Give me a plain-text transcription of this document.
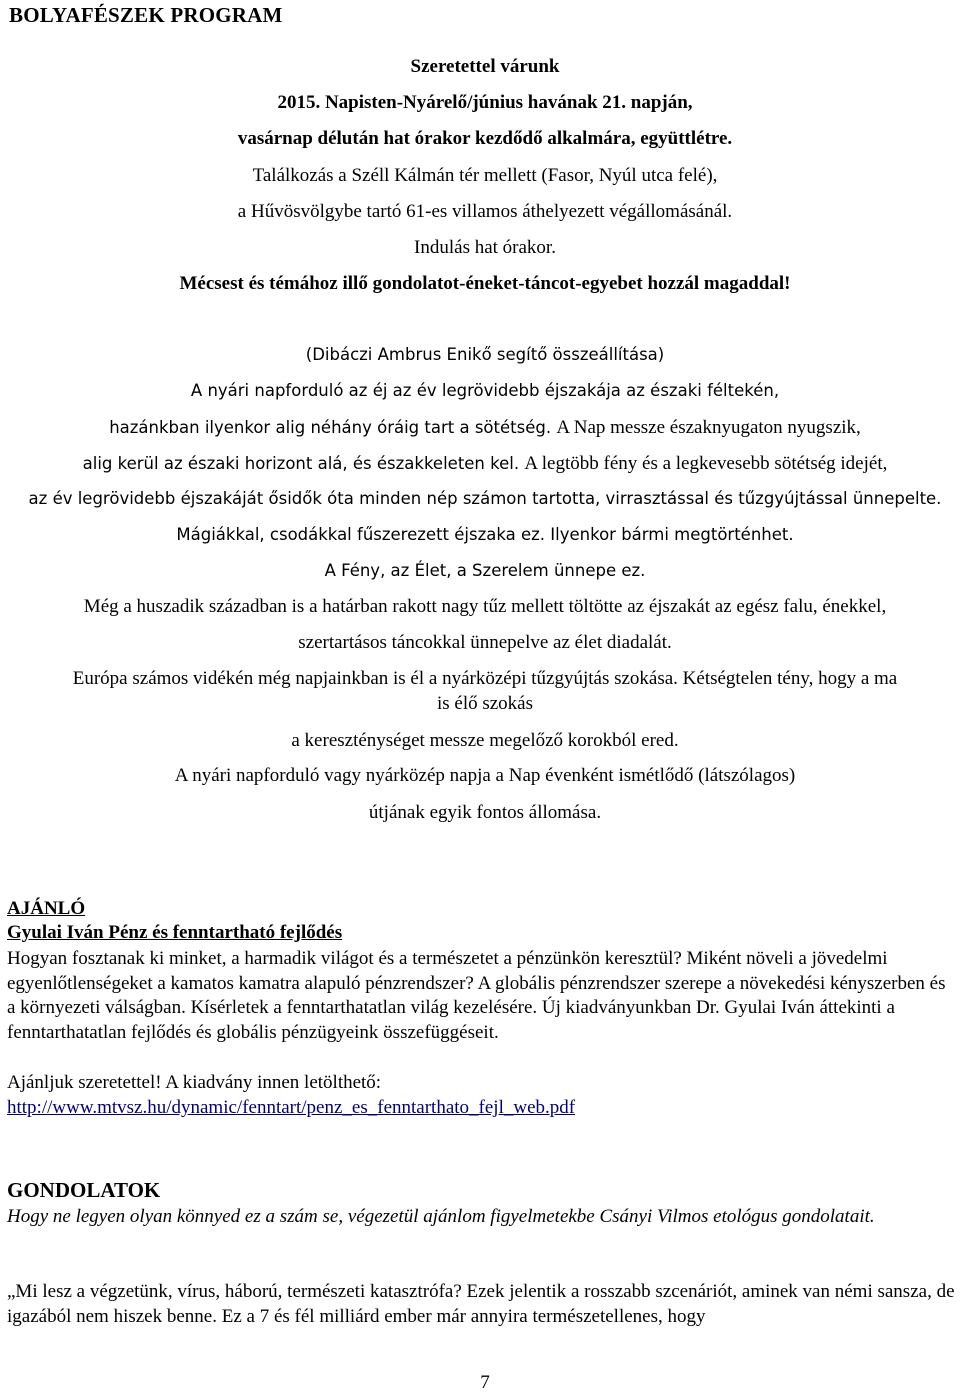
BOLYAFÉSZEK PROGRAM
Szeretettel várunk
2015. Napisten-Nyárelő/június havának 21. napján,
vasárnap délután hat órakor kezdődő alkalmára, együttlétre.
Találkozás a Széll Kálmán tér mellett (Fasor, Nyúl utca felé),
a Hűvösvölgybe tartó 61-es villamos áthelyezett végállomásánál.
Indulás hat órakor.
Mécsest és témához illő gondolatot-éneket-táncot-egyebet hozzál magaddal!
(Dibáczi Ambrus Enikő segítő összeállítása)
A nyári napforduló az éj az év legrövidebb éjszakája az északi féltekén,
hazánkban ilyenkor alig néhány óráig tart a sötétség. A Nap messze északnyugaton nyugszik,
alig kerül az északi horizont alá, és északkeleten kel. A legtöbb fény és a legkevesebb sötétség idejét,
az év legrövidebb éjszakáját ősidők óta minden nép számon tartotta, virrasztással és tűzgyújtással ünnepelte.
Mágiákkal, csodákkal fűszerezett éjszaka ez. Ilyenkor bármi megtörténhet.
A Fény, az Élet, a Szerelem ünnepe ez.
Még a huszadik században is a határban rakott nagy tűz mellett töltötte az éjszakát az egész falu, énekkel,
szertartásos táncokkal ünnepelve az élet diadalát.
Európa számos vidékén még napjainkban is él a nyárközépi tűzgyújtás szokása. Kétségtelen tény, hogy a ma
is élő szokás
a kereszténységet messze megelőző korokból ered.
A nyári napforduló vagy nyárközép napja a Nap évenként ismétlődő (látszólagos)
útjának egyik fontos állomása.
AJÁNLÓ
Gyulai Iván Pénz és fenntartható fejlődés
Hogyan fosztanak ki minket, a harmadik világot és a természetet a pénzünkön keresztül? Miként növeli a jövedelmi egyenlőtlenségeket a kamatos kamatra alapuló pénzrendszer? A globális pénzrendszer szerepe a növekedési kényszerben és a környezeti válságban. Kísérletek a fenntarthatatlan világ kezelésére. Új kiadványunkban Dr. Gyulai Iván áttekinti a fenntarthatatlan fejlődés és globális pénzügyeink összefüggéseit.
Ajánljuk szeretettel! A kiadvány innen letölthető:
http://www.mtvsz.hu/dynamic/fenntart/penz_es_fenntarthato_fejl_web.pdf
GONDOLATOK
Hogy ne legyen olyan könnyed ez a szám se, végezetül ajánlom figyelmetekbe Csányi Vilmos etológus gondolatait.
„Mi lesz a végzetünk, vírus, háború, természeti katasztrófa? Ezek jelentik a rosszabb szcenáriót, aminek van némi sansza, de igazából nem hiszek benne. Ez a 7 és fél milliárd ember már annyira természetellenes, hogy
7
